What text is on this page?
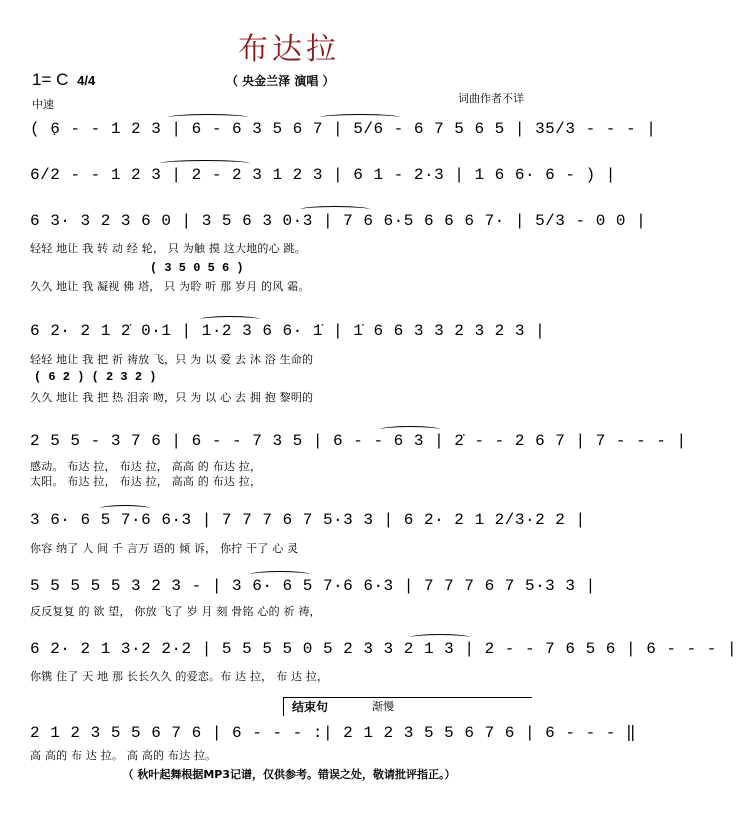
布达拉
（ 央金兰泽 演唱 ）
1= C 4/4
中速	词曲作者不详
( 6̣ - - 1 2 3 | 6 - 6 3 5 6 7 | 5/6 - 6 7 5 6 5 | 35/3 - - - |
6/2 - - 1 2 3 | 2 - 2 3 1 2 3 | 6 1 - 2·3 | 1 6 6· 6 - ) |
6 3· 3 2 3 6 0 | 3 5 6 3 0·3 | 7 6 6·5 6 6 6 7· | 5/3 - 0 0 |
轻轻 地让 我 转 动 经 轮， 只 为触 摸 这大地的心 跳。
( 3 5 0 5 6 )
久久 地让 我 凝视 佛 塔， 只 为聆 听 那 岁月 的风 霜。
6 2· 2 1 2̇ 0·1 | 1·2 3 6 6· 1̇ | 1̇ 6 6 3 3 2 3 2 3 |
轻轻 地让 我 把 祈 祷放 飞，只 为 以 爱 去 沐 浴 生命的
( 6 2 ) ( 2 3 2 )
久久 地让 我 把 热 泪亲 吻，只 为 以 心 去 拥 抱 黎明的
2 5 5 - 3 7 6 | 6 - - 7 3 5 | 6 - - 6 3 | 2̇ - - 2 6 7 | 7 - - - |
感动。 布达 拉， 布达 拉， 高高 的 布达 拉，
太阳。 布达 拉， 布达 拉， 高高 的 布达 拉，
3 6· 6 5 7·6 6·3 | 7 7 7 6 7 5·3 3 | 6 2· 2 1 2/3·2 2 |
你容 纳了 人 间 千 言万 语的 倾 诉， 你拧 干了 心 灵
5 5 5 5 5 3 2 3 - | 3 6· 6 5 7·6 6·3 | 7 7 7 6 7 5·3 3 |
反反复复 的 欲 望， 你放 飞了 岁 月 刻 骨铭 心的 祈 祷，
6 2· 2 1 3·2 2·2 | 5 5 5 5 0 5 2 3 3 2 1 3 | 2 - - 7 6 5 6 | 6 - - - |
你镌 住了 天 地 那 长长久久 的爱恋。布 达 拉， 布 达 拉，
结束句	渐慢
2 1 2 3 5 5 6 7 6 | 6 - - - :| 2 1 2 3 5 5 6 7 6 | 6 - - - ‖
高 高的 布 达 拉。 高 高的 布达 拉。
（ 秋叶起舞根据MP3记谱，仅供参考。错误之处，敬请批评指正。）
